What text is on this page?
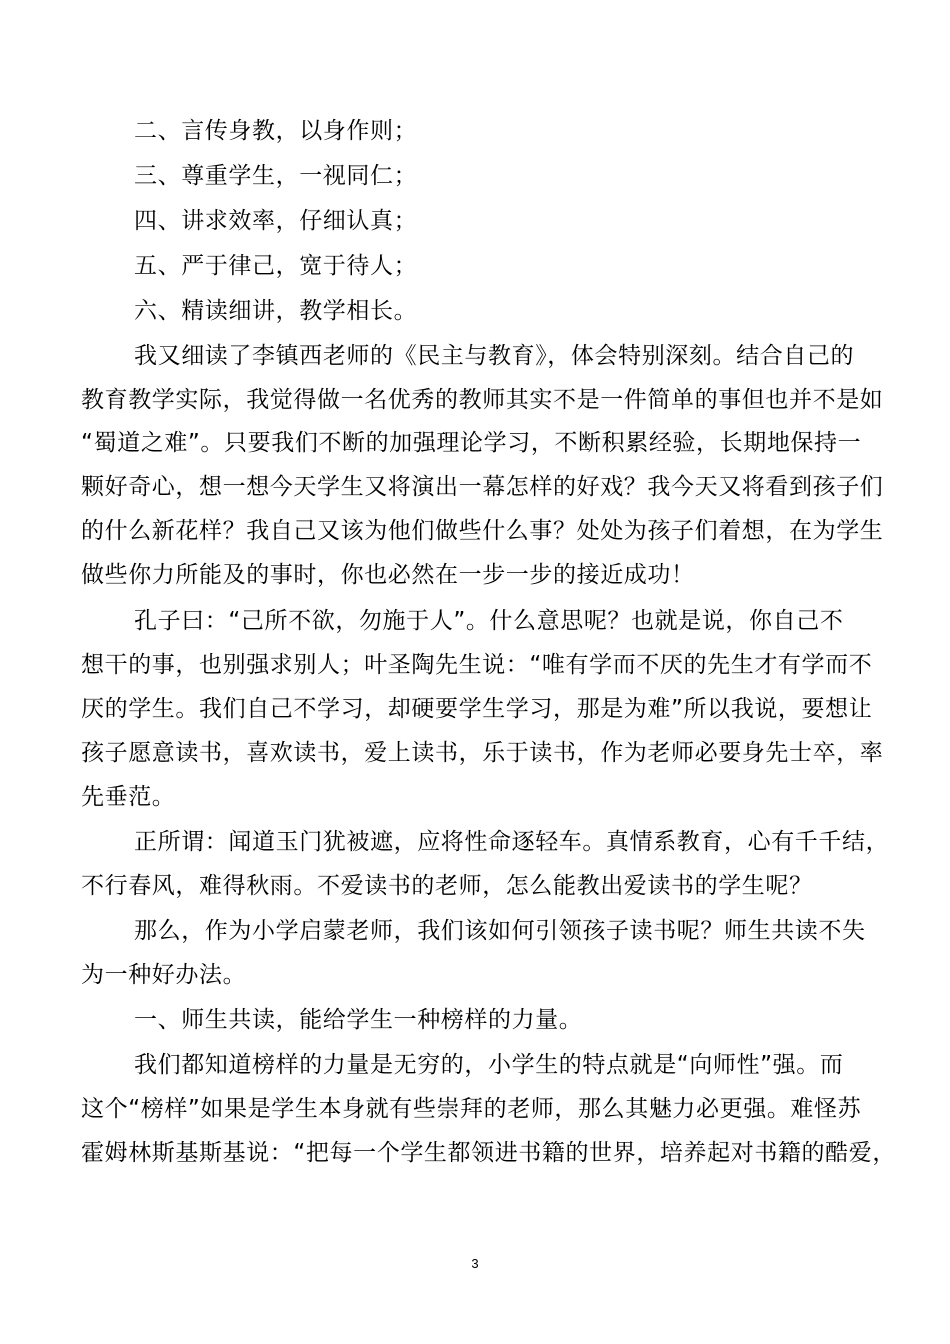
二、言传身教，以身作则；
三、尊重学生，一视同仁；
四、讲求效率，仔细认真；
五、严于律己，宽于待人；
六、精读细讲，教学相长。
我又细读了李镇西老师的《民主与教育》，体会特别深刻。结合自己的
教育教学实际，我觉得做一名优秀的教师其实不是一件简单的事但也并不是如
“蜀道之难”。只要我们不断的加强理论学习，不断积累经验，长期地保持一
颗好奇心，想一想今天学生又将演出一幕怎样的好戏？我今天又将看到孩子们
的什么新花样？我自己又该为他们做些什么事？处处为孩子们着想，在为学生
做些你力所能及的事时，你也必然在一步一步的接近成功！
孔子曰：“己所不欲，勿施于人”。什么意思呢？也就是说，你自己不
想干的事，也别强求别人；叶圣陶先生说：“唯有学而不厌的先生才有学而不
厌的学生。我们自己不学习，却硬要学生学习，那是为难”所以我说，要想让
孩子愿意读书，喜欢读书，爱上读书，乐于读书，作为老师必要身先士卒，率
先垂范。
正所谓：闻道玉门犹被遮，应将性命逐轻车。真情系教育，心有千千结，
不行春风，难得秋雨。不爱读书的老师，怎么能教出爱读书的学生呢？
那么，作为小学启蒙老师，我们该如何引领孩子读书呢？师生共读不失
为一种好办法。
一、师生共读，能给学生一种榜样的力量。
我们都知道榜样的力量是无穷的，小学生的特点就是“向师性”强。而
这个“榜样”如果是学生本身就有些崇拜的老师，那么其魅力必更强。难怪苏
霍姆林斯基斯基说：“把每一个学生都领进书籍的世界，培养起对书籍的酷爱，
3
